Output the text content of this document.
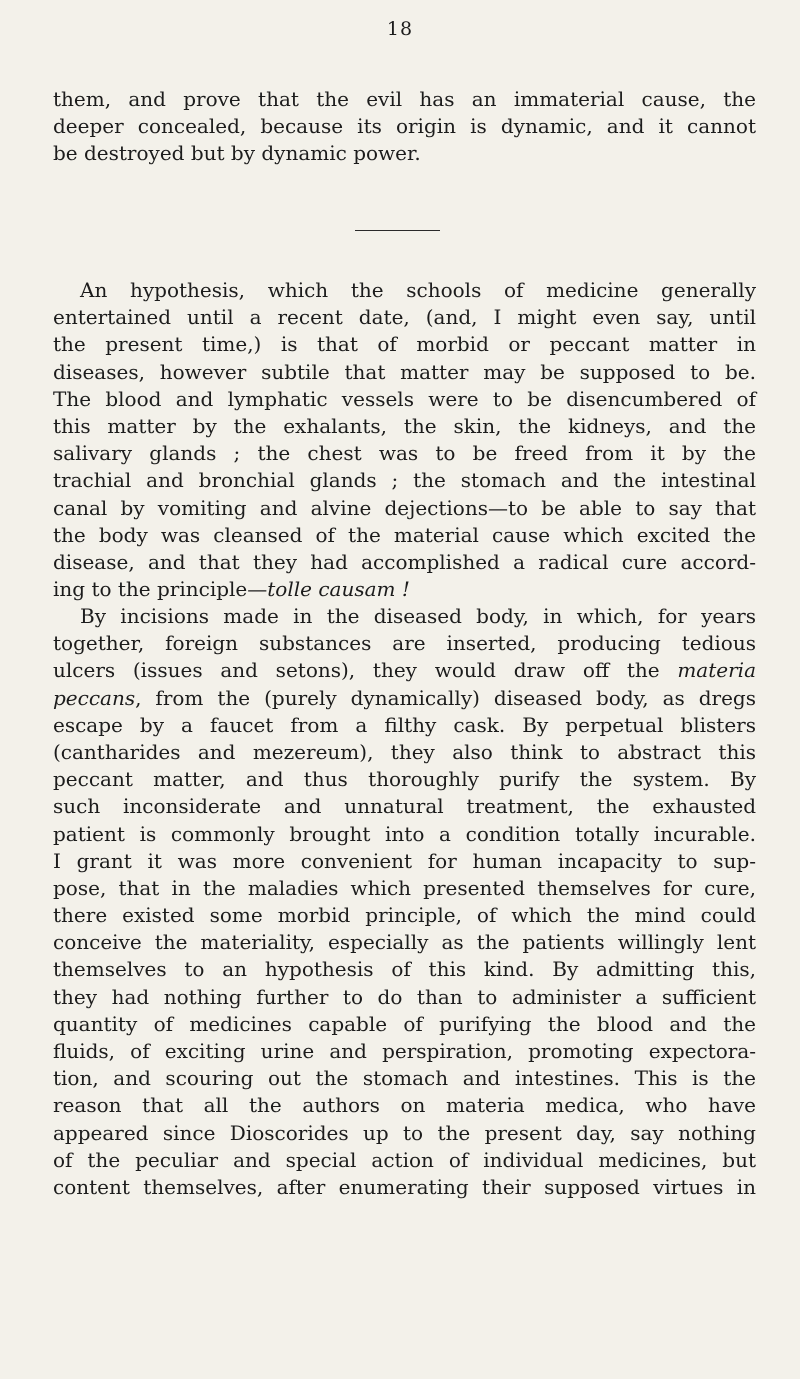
18
them, and prove that the evil has an immaterial cause, the
deeper concealed, because its origin is dynamic, and it cannot
be destroyed but by dynamic power.
An hypothesis, which the schools of medicine generally
entertained until a recent date, (and, I might even say, until
the present time,) is that of morbid or peccant matter in
diseases, however subtile that matter may be supposed to be.
The blood and lymphatic vessels were to be disencumbered of
this matter by the exhalants, the skin, the kidneys, and the
salivary glands ; the chest was to be freed from it by the
trachial and bronchial glands ; the stomach and the intestinal
canal by vomiting and alvine dejections—to be able to say that
the body was cleansed of the material cause which excited the
disease, and that they had accomplished a radical cure accord-
ing to the principle—tolle causam !
By incisions made in the diseased body, in which, for years
together, foreign substances are inserted, producing tedious
ulcers (issues and setons), they would draw off the materia
peccans, from the (purely dynamically) diseased body, as dregs
escape by a faucet from a filthy cask. By perpetual blisters
(cantharides and mezereum), they also think to abstract this
peccant matter, and thus thoroughly purify the system. By
such inconsiderate and unnatural treatment, the exhausted
patient is commonly brought into a condition totally incurable.
I grant it was more convenient for human incapacity to sup-
pose, that in the maladies which presented themselves for cure,
there existed some morbid principle, of which the mind could
conceive the materiality, especially as the patients willingly lent
themselves to an hypothesis of this kind. By admitting this,
they had nothing further to do than to administer a sufficient
quantity of medicines capable of purifying the blood and the
fluids, of exciting urine and perspiration, promoting expectora-
tion, and scouring out the stomach and intestines. This is the
reason that all the authors on materia medica, who have
appeared since Dioscorides up to the present day, say nothing
of the peculiar and special action of individual medicines, but
content themselves, after enumerating their supposed virtues in
